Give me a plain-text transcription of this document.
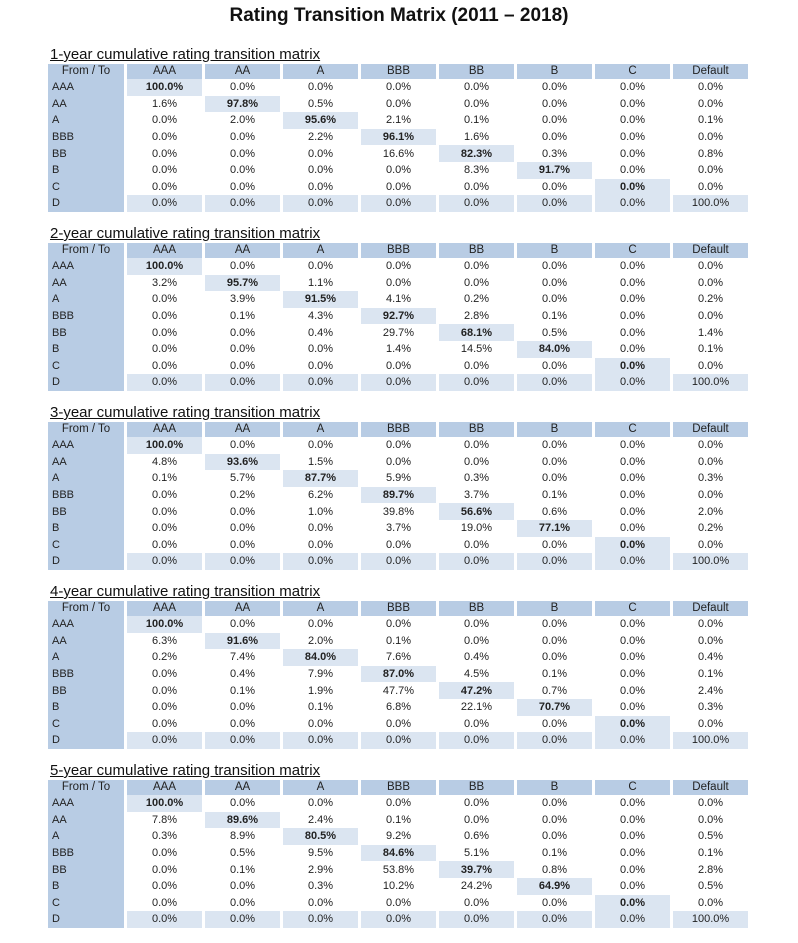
Rating Transition Matrix (2011 – 2018)
1-year cumulative rating transition matrix
From / To	AAA	AA	A	BBB	BB	B	C	Default
AAA	100.0%	0.0%	0.0%	0.0%	0.0%	0.0%	0.0%	0.0%
AA	1.6%	97.8%	0.5%	0.0%	0.0%	0.0%	0.0%	0.0%
A	0.0%	2.0%	95.6%	2.1%	0.1%	0.0%	0.0%	0.1%
BBB	0.0%	0.0%	2.2%	96.1%	1.6%	0.0%	0.0%	0.0%
BB	0.0%	0.0%	0.0%	16.6%	82.3%	0.3%	0.0%	0.8%
B	0.0%	0.0%	0.0%	0.0%	8.3%	91.7%	0.0%	0.0%
C	0.0%	0.0%	0.0%	0.0%	0.0%	0.0%	0.0%	0.0%
D	0.0%	0.0%	0.0%	0.0%	0.0%	0.0%	0.0%	100.0%
2-year cumulative rating transition matrix
From / To	AAA	AA	A	BBB	BB	B	C	Default
AAA	100.0%	0.0%	0.0%	0.0%	0.0%	0.0%	0.0%	0.0%
AA	3.2%	95.7%	1.1%	0.0%	0.0%	0.0%	0.0%	0.0%
A	0.0%	3.9%	91.5%	4.1%	0.2%	0.0%	0.0%	0.2%
BBB	0.0%	0.1%	4.3%	92.7%	2.8%	0.1%	0.0%	0.0%
BB	0.0%	0.0%	0.4%	29.7%	68.1%	0.5%	0.0%	1.4%
B	0.0%	0.0%	0.0%	1.4%	14.5%	84.0%	0.0%	0.1%
C	0.0%	0.0%	0.0%	0.0%	0.0%	0.0%	0.0%	0.0%
D	0.0%	0.0%	0.0%	0.0%	0.0%	0.0%	0.0%	100.0%
3-year cumulative rating transition matrix
From / To	AAA	AA	A	BBB	BB	B	C	Default
AAA	100.0%	0.0%	0.0%	0.0%	0.0%	0.0%	0.0%	0.0%
AA	4.8%	93.6%	1.5%	0.0%	0.0%	0.0%	0.0%	0.0%
A	0.1%	5.7%	87.7%	5.9%	0.3%	0.0%	0.0%	0.3%
BBB	0.0%	0.2%	6.2%	89.7%	3.7%	0.1%	0.0%	0.0%
BB	0.0%	0.0%	1.0%	39.8%	56.6%	0.6%	0.0%	2.0%
B	0.0%	0.0%	0.0%	3.7%	19.0%	77.1%	0.0%	0.2%
C	0.0%	0.0%	0.0%	0.0%	0.0%	0.0%	0.0%	0.0%
D	0.0%	0.0%	0.0%	0.0%	0.0%	0.0%	0.0%	100.0%
4-year cumulative rating transition matrix
From / To	AAA	AA	A	BBB	BB	B	C	Default
AAA	100.0%	0.0%	0.0%	0.0%	0.0%	0.0%	0.0%	0.0%
AA	6.3%	91.6%	2.0%	0.1%	0.0%	0.0%	0.0%	0.0%
A	0.2%	7.4%	84.0%	7.6%	0.4%	0.0%	0.0%	0.4%
BBB	0.0%	0.4%	7.9%	87.0%	4.5%	0.1%	0.0%	0.1%
BB	0.0%	0.1%	1.9%	47.7%	47.2%	0.7%	0.0%	2.4%
B	0.0%	0.0%	0.1%	6.8%	22.1%	70.7%	0.0%	0.3%
C	0.0%	0.0%	0.0%	0.0%	0.0%	0.0%	0.0%	0.0%
D	0.0%	0.0%	0.0%	0.0%	0.0%	0.0%	0.0%	100.0%
5-year cumulative rating transition matrix
From / To	AAA	AA	A	BBB	BB	B	C	Default
AAA	100.0%	0.0%	0.0%	0.0%	0.0%	0.0%	0.0%	0.0%
AA	7.8%	89.6%	2.4%	0.1%	0.0%	0.0%	0.0%	0.0%
A	0.3%	8.9%	80.5%	9.2%	0.6%	0.0%	0.0%	0.5%
BBB	0.0%	0.5%	9.5%	84.6%	5.1%	0.1%	0.0%	0.1%
BB	0.0%	0.1%	2.9%	53.8%	39.7%	0.8%	0.0%	2.8%
B	0.0%	0.0%	0.3%	10.2%	24.2%	64.9%	0.0%	0.5%
C	0.0%	0.0%	0.0%	0.0%	0.0%	0.0%	0.0%	0.0%
D	0.0%	0.0%	0.0%	0.0%	0.0%	0.0%	0.0%	100.0%
